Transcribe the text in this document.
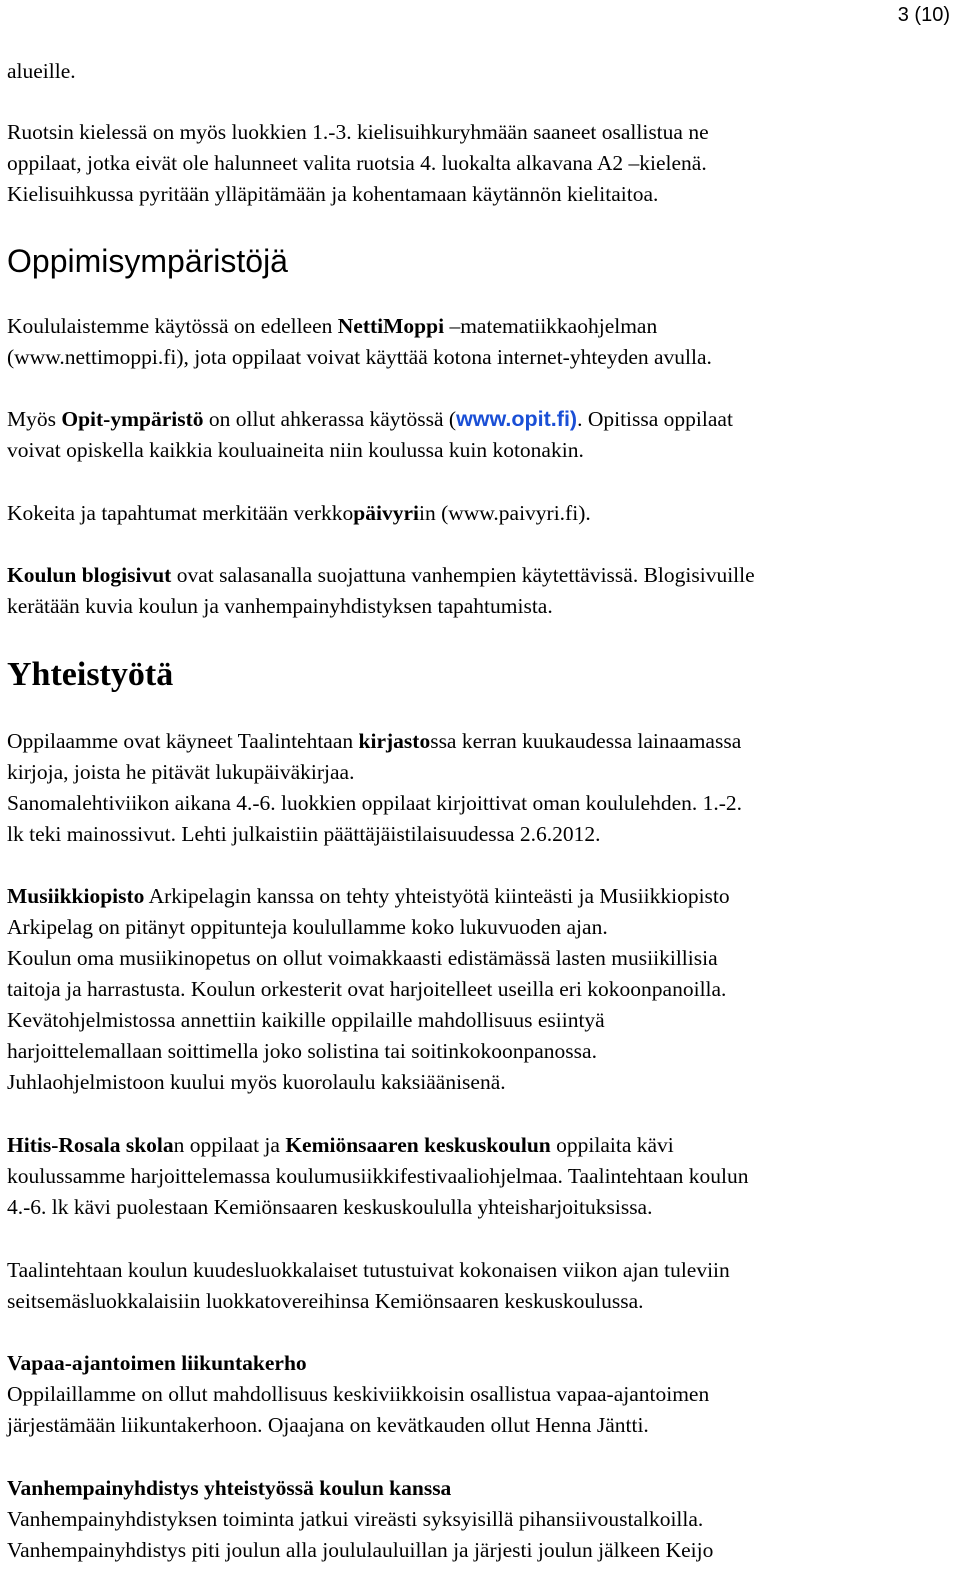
3 (10)

alueille.

Ruotsin kielessä on myös luokkien 1.-3. kielisuihkuryhmään saaneet osallistua ne
oppilaat, jotka eivät ole halunneet valita ruotsia 4. luokalta alkavana A2 –kielenä.
Kielisuihkussa pyritään ylläpitämään ja kohentamaan käytännön kielitaitoa.

Oppimisympäristöjä

Koululaistemme käytössä on edelleen NettiMoppi –matematiikkaohjelman
(www.nettimoppi.fi), jota oppilaat voivat käyttää kotona internet-yhteyden avulla.

Myös Opit-ympäristö on ollut ahkerassa käytössä (www.opit.fi). Opitissa oppilaat
voivat opiskella kaikkia kouluaineita niin koulussa kuin kotonakin.

Kokeita ja tapahtumat merkitään verkkopäivyriin (www.paivyri.fi).

Koulun blogisivut ovat salasanalla suojattuna vanhempien käytettävissä. Blogisivuille
kerätään kuvia koulun ja vanhempainyhdistyksen tapahtumista.

Yhteistyötä

Oppilaamme ovat käyneet Taalintehtaan kirjastossa kerran kuukaudessa lainaamassa
kirjoja, joista he pitävät lukupäiväkirjaa.
Sanomalehtiviikon aikana 4.-6. luokkien oppilaat kirjoittivat oman koululehden. 1.-2.
lk teki mainossivut. Lehti julkaistiin päättäjäistilaisuudessa 2.6.2012.

Musiikkiopisto Arkipelagin kanssa on tehty yhteistyötä kiinteästi ja Musiikkiopisto
Arkipelag on pitänyt oppitunteja koulullamme koko lukuvuoden ajan.
Koulun oma musiikinopetus on ollut voimakkaasti edistämässä lasten musiikillisia
taitoja ja harrastusta. Koulun orkesterit ovat harjoitelleet useilla eri kokoonpanoilla.
Kevätohjelmistossa annettiin kaikille oppilaille mahdollisuus esiintyä
harjoittelemallaan soittimella joko solistina tai soitinkokoonpanossa.
Juhlaohjelmistoon kuului myös kuorolaulu kaksiäänisenä.

Hitis-Rosala skolan oppilaat ja Kemiönsaaren keskuskoulun oppilaita kävi
koulussamme harjoittelemassa koulumusiikkifestivaaliohjelmaa. Taalintehtaan koulun
4.-6. lk kävi puolestaan Kemiönsaaren keskuskoululla yhteisharjoituksissa.

Taalintehtaan koulun kuudesluokkalaiset tutustuivat kokonaisen viikon ajan tuleviin
seitsemäsluokkalaisiin luokkatovereihinsa Kemiönsaaren keskuskoulussa.

Vapaa-ajantoimen liikuntakerho
Oppilaillamme on ollut mahdollisuus keskiviikkoisin osallistua vapaa-ajantoimen
järjestämään liikuntakerhoon. Ojaajana on kevätkauden ollut Henna Jäntti.

Vanhempainyhdistys yhteistyössä koulun kanssa
Vanhempainyhdistyksen toiminta jatkui vireästi syksyisillä pihansiivoustalkoilla.
Vanhempainyhdistys piti joulun alla joululauluillan ja järjesti joulun jälkeen Keijo
